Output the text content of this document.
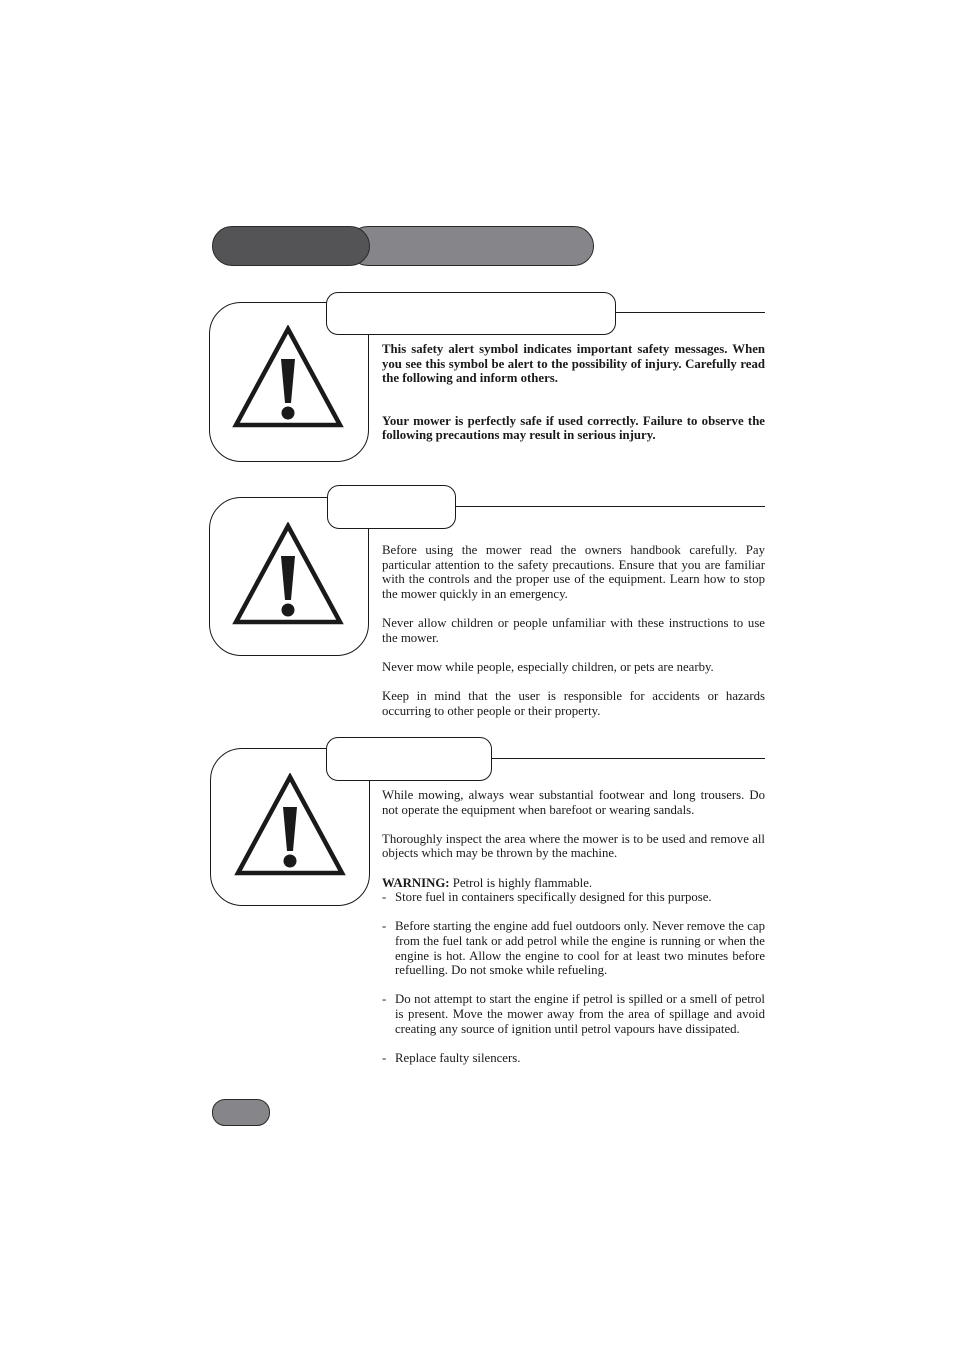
This safety alert symbol indicates important safety messages. When you see this symbol be alert to the possibility of injury. Carefully read the following and inform others.

Your mower is perfectly safe if used correctly. Failure to observe the following precautions may result in serious injury.

Before using the mower read the owners handbook carefully. Pay particular attention to the safety precautions. Ensure that you are familiar with the controls and the proper use of the equipment. Learn how to stop the mower quickly in an emergency.

Never allow children or people unfamiliar with these instructions to use the mower.

Never mow while people, especially children, or pets are nearby.

Keep in mind that the user is responsible for accidents or hazards occurring to other people or their property.

While mowing, always wear substantial footwear and long trousers. Do not operate the equipment when barefoot or wearing sandals.

Thoroughly inspect the area where the mower is to be used and remove all objects which may be thrown by the machine.

WARNING: Petrol is highly flammable.
- Store fuel in containers specifically designed for this purpose.
- Before starting the engine add fuel outdoors only. Never remove the cap from the fuel tank or add petrol while the engine is running or when the engine is hot. Allow the engine to cool for at least two minutes before refuelling. Do not smoke while refueling.
- Do not attempt to start the engine if petrol is spilled or a smell of petrol is present. Move the mower away from the area of spillage and avoid creating any source of ignition until petrol vapours have dissipated.
- Replace faulty silencers.
